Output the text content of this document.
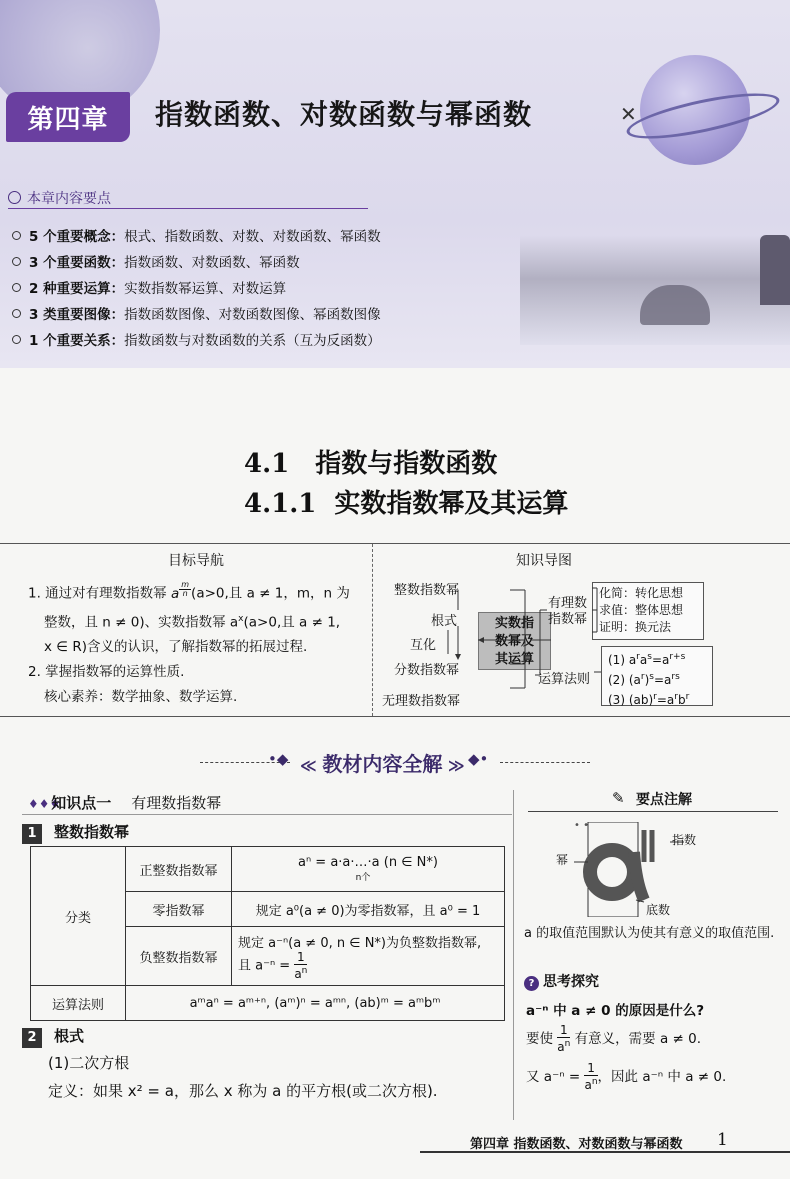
✕
第四章	指数函数、对数函数与幂函数
本章内容要点
5 个重要概念：根式、指数函数、对数、对数函数、幂函数
3 个重要函数：指数函数、对数函数、幂函数
2 种重要运算：实数指数幂运算、对数运算
3 类重要图像：指数函数图像、对数函数图像、幂函数图像
1 个重要关系：指数函数与对数函数的关系（互为反函数）
4.1 指数与指数函数
4.1.1 实数指数幂及其运算
目标导航	知识导图
1. 通过对有理数指数幂 a $^{\frac{m}{n}}$ (a>0,且 a ≠ 1，m，n 为
整数，且 n ≠ 0)、实数指数幂 $a^x(a>0$,且 a ≠ 1,
x ∈ R)含义的认识，了解指数幂的拓展过程.
2. 掌握指数幂的运算性质.
核心素养：数学抽象、数学运算.
整数指数幂
根式
互化
分数指数幂
无理数指数幂
实数指
数幂及
其运算
有理数
指数幂
化简：转化思想
求值：整体思想
证明：换元法
运算法则
(1) $a^ra^s=a^{r+s}$
(2) $(a^r)^s=a^{rs}$
(3) $(ab)^r=a^rb^r$
•◆ ≪ 教材内容全解 ≫ ◆•
♦♦♦ 知识点一 有理数指数幂
1 整数指数幂
分类	正整数指数幂	aⁿ = a·a·…·a (n ∈ N*)
n个

	零指数幂	规定 a⁰(a ≠ 0)为零指数幂，且 a⁰ = 1
	负整数指数幂	规定 a⁻ⁿ(a ≠ 0, n ∈ N*)为负整数指数幂,
且 $a^{-n} = \frac{1}{a^n}$

运算法则	aᵐaⁿ = aᵐ⁺ⁿ, (aᵐ)ⁿ = aᵐⁿ, (ab)ᵐ = aᵐbᵐ	
2 根式
(1)二次方根
定义：如果 x² = a，那么 x 称为 a 的平方根(或二次方根).
✎ 要点注解
• •
指数
幂
底数
a 的取值范围默认为使其有意义的取值范围.
? 思考探究
a⁻ⁿ 中 a ≠ 0 的原因是什么?
要使 $\frac{1}{a^n}$ 有意义，需要 a ≠ 0.
又 $a^{-n} = \frac{1}{a^n}$ ，因此 a⁻ⁿ 中 a ≠ 0.
第四章 指数函数、对数函数与幂函数 1
